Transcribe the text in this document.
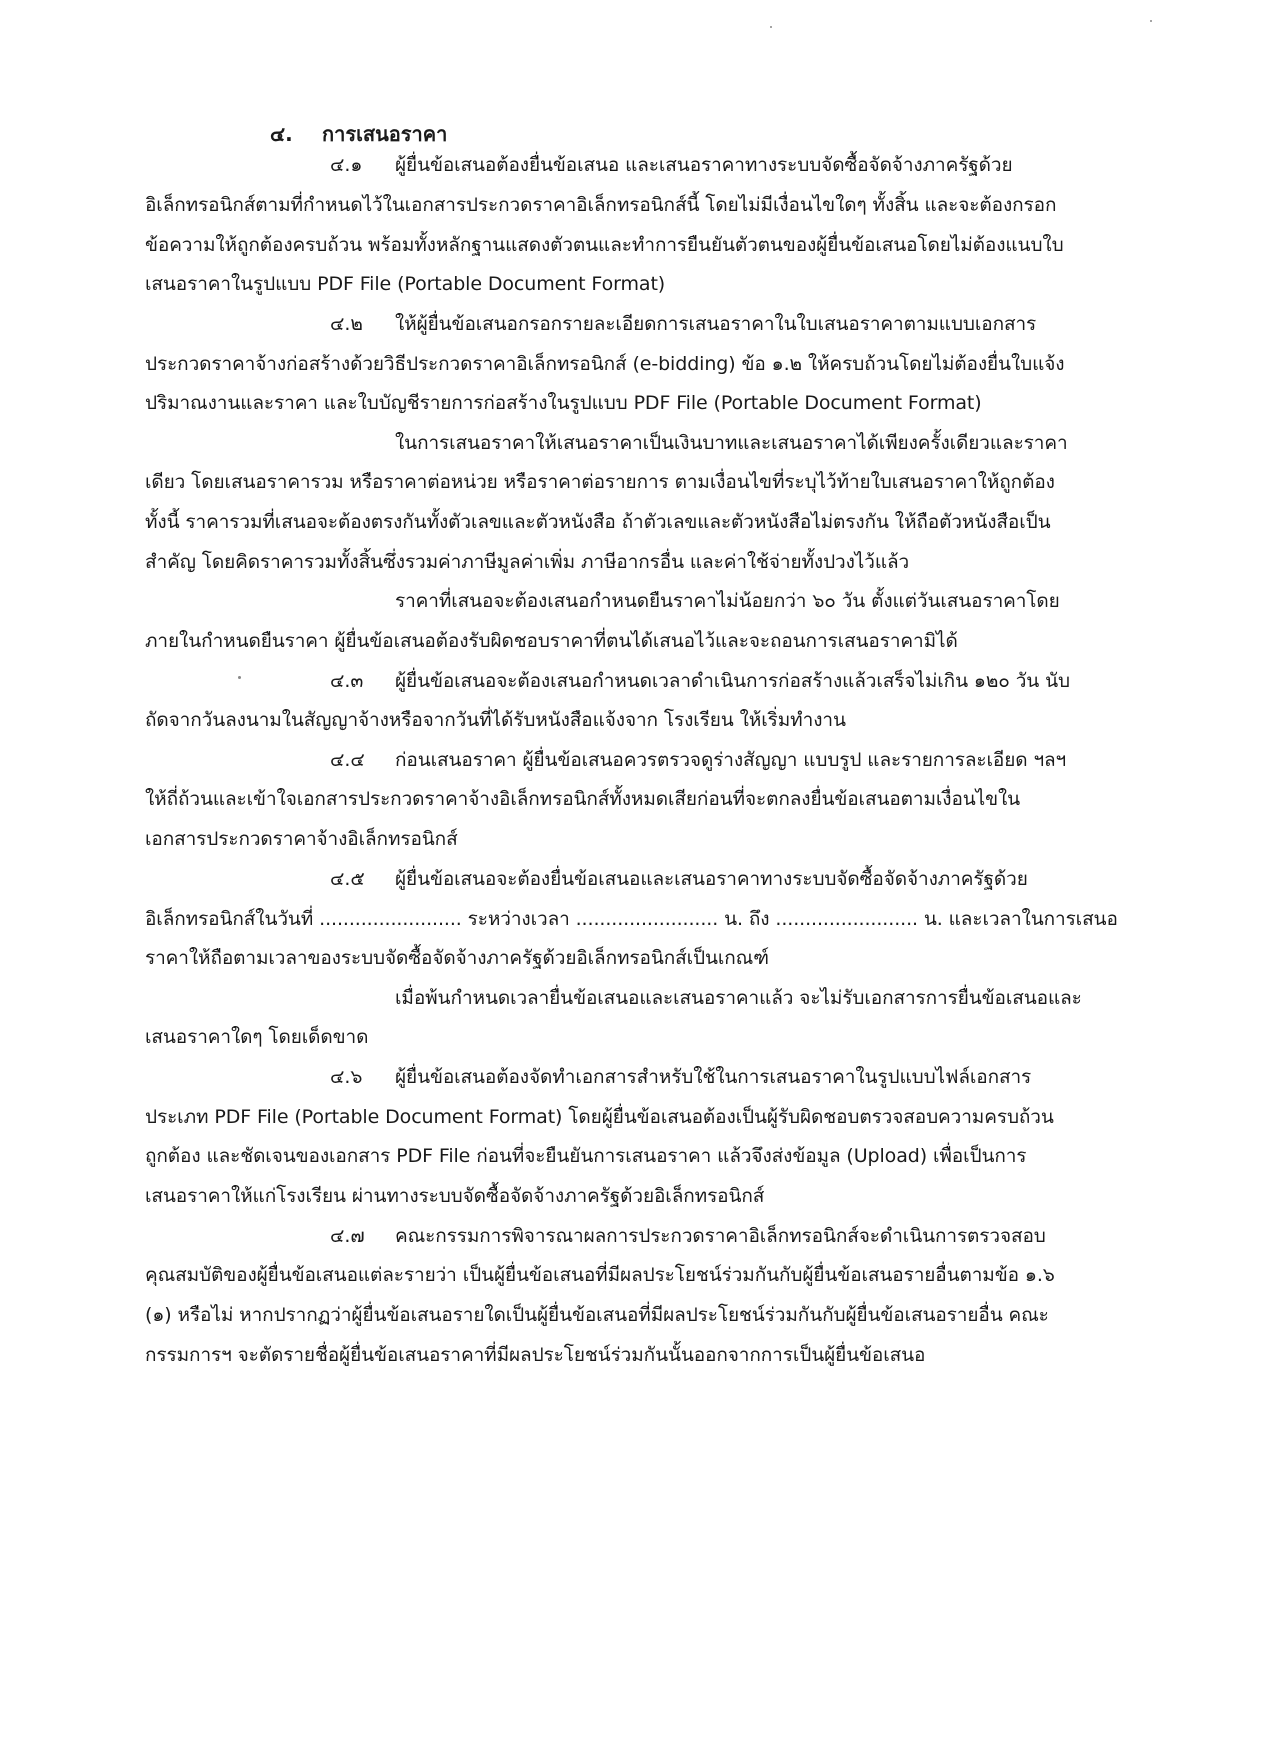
๔. การเสนอราคา
๔.๑ ผู้ยื่นข้อเสนอต้องยื่นข้อเสนอ และเสนอราคาทางระบบจัดซื้อจัดจ้างภาครัฐด้วย
อิเล็กทรอนิกส์ตามที่กำหนดไว้ในเอกสารประกวดราคาอิเล็กทรอนิกส์นี้ โดยไม่มีเงื่อนไขใดๆ ทั้งสิ้น และจะต้องกรอก
ข้อความให้ถูกต้องครบถ้วน พร้อมทั้งหลักฐานแสดงตัวตนและทำการยืนยันตัวตนของผู้ยื่นข้อเสนอโดยไม่ต้องแนบใบ
เสนอราคาในรูปแบบ PDF File (Portable Document Format)
๔.๒ ให้ผู้ยื่นข้อเสนอกรอกรายละเอียดการเสนอราคาในใบเสนอราคาตามแบบเอกสาร
ประกวดราคาจ้างก่อสร้างด้วยวิธีประกวดราคาอิเล็กทรอนิกส์ (e-bidding) ข้อ ๑.๒ ให้ครบถ้วนโดยไม่ต้องยื่นใบแจ้ง
ปริมาณงานและราคา และใบบัญชีรายการก่อสร้างในรูปแบบ PDF File (Portable Document Format)
ในการเสนอราคาให้เสนอราคาเป็นเงินบาทและเสนอราคาได้เพียงครั้งเดียวและราคา
เดียว โดยเสนอราคารวม หรือราคาต่อหน่วย หรือราคาต่อรายการ ตามเงื่อนไขที่ระบุไว้ท้ายใบเสนอราคาให้ถูกต้อง
ทั้งนี้ ราคารวมที่เสนอจะต้องตรงกันทั้งตัวเลขและตัวหนังสือ ถ้าตัวเลขและตัวหนังสือไม่ตรงกัน ให้ถือตัวหนังสือเป็น
สำคัญ โดยคิดราคารวมทั้งสิ้นซึ่งรวมค่าภาษีมูลค่าเพิ่ม ภาษีอากรอื่น และค่าใช้จ่ายทั้งปวงไว้แล้ว
ราคาที่เสนอจะต้องเสนอกำหนดยืนราคาไม่น้อยกว่า ๖๐ วัน ตั้งแต่วันเสนอราคาโดย
ภายในกำหนดยืนราคา ผู้ยื่นข้อเสนอต้องรับผิดชอบราคาที่ตนได้เสนอไว้และจะถอนการเสนอราคามิได้
๔.๓ ผู้ยื่นข้อเสนอจะต้องเสนอกำหนดเวลาดำเนินการก่อสร้างแล้วเสร็จไม่เกิน ๑๒๐ วัน นับ
ถัดจากวันลงนามในสัญญาจ้างหรือจากวันที่ได้รับหนังสือแจ้งจาก โรงเรียน ให้เริ่มทำงาน
๔.๔ ก่อนเสนอราคา ผู้ยื่นข้อเสนอควรตรวจดูร่างสัญญา แบบรูป และรายการละเอียด ฯลฯ
ให้ถี่ถ้วนและเข้าใจเอกสารประกวดราคาจ้างอิเล็กทรอนิกส์ทั้งหมดเสียก่อนที่จะตกลงยื่นข้อเสนอตามเงื่อนไขใน
เอกสารประกวดราคาจ้างอิเล็กทรอนิกส์
๔.๕ ผู้ยื่นข้อเสนอจะต้องยื่นข้อเสนอและเสนอราคาทางระบบจัดซื้อจัดจ้างภาครัฐด้วย
อิเล็กทรอนิกส์ในวันที่ ........................ ระหว่างเวลา ........................ น. ถึง ........................ น. และเวลาในการเสนอ
ราคาให้ถือตามเวลาของระบบจัดซื้อจัดจ้างภาครัฐด้วยอิเล็กทรอนิกส์เป็นเกณฑ์
เมื่อพ้นกำหนดเวลายื่นข้อเสนอและเสนอราคาแล้ว จะไม่รับเอกสารการยื่นข้อเสนอและ
เสนอราคาใดๆ โดยเด็ดขาด
๔.๖ ผู้ยื่นข้อเสนอต้องจัดทำเอกสารสำหรับใช้ในการเสนอราคาในรูปแบบไฟล์เอกสาร
ประเภท PDF File (Portable Document Format) โดยผู้ยื่นข้อเสนอต้องเป็นผู้รับผิดชอบตรวจสอบความครบถ้วน
ถูกต้อง และชัดเจนของเอกสาร PDF File ก่อนที่จะยืนยันการเสนอราคา แล้วจึงส่งข้อมูล (Upload) เพื่อเป็นการ
เสนอราคาให้แก่โรงเรียน ผ่านทางระบบจัดซื้อจัดจ้างภาครัฐด้วยอิเล็กทรอนิกส์
๔.๗ คณะกรรมการพิจารณาผลการประกวดราคาอิเล็กทรอนิกส์จะดำเนินการตรวจสอบ
คุณสมบัติของผู้ยื่นข้อเสนอแต่ละรายว่า เป็นผู้ยื่นข้อเสนอที่มีผลประโยชน์ร่วมกันกับผู้ยื่นข้อเสนอรายอื่นตามข้อ ๑.๖
(๑) หรือไม่ หากปรากฏว่าผู้ยื่นข้อเสนอรายใดเป็นผู้ยื่นข้อเสนอที่มีผลประโยชน์ร่วมกันกับผู้ยื่นข้อเสนอรายอื่น คณะ
กรรมการฯ จะตัดรายชื่อผู้ยื่นข้อเสนอราคาที่มีผลประโยชน์ร่วมกันนั้นออกจากการเป็นผู้ยื่นข้อเสนอ
